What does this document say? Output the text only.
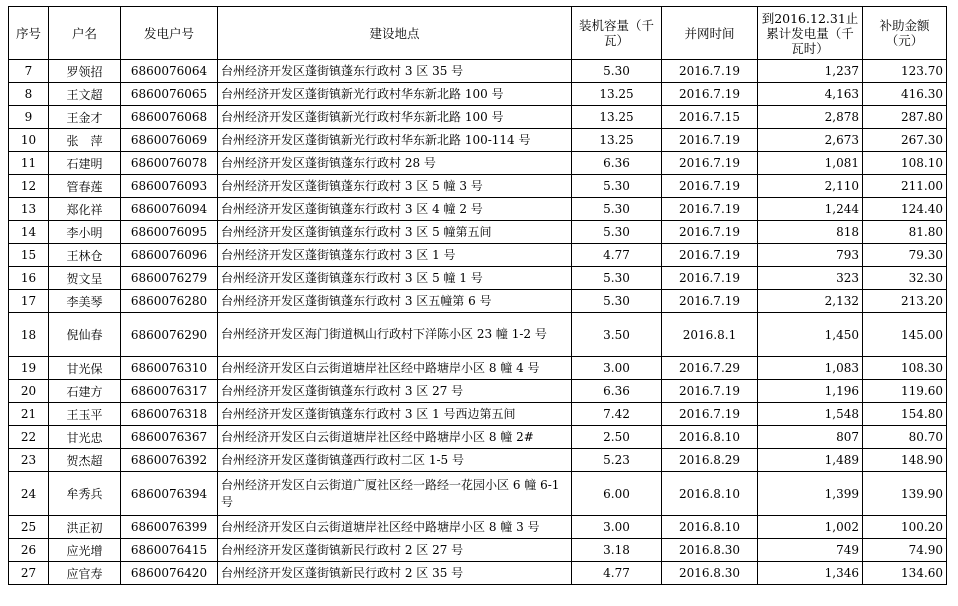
序号	户名	发电户号	建设地点	装机容量（千瓦）	并网时间	到2016.12.31止累计发电量（千瓦时）	补助金额（元）
7	罗领招	6860076064	台州经济开发区蓬街镇蓬东行政村 3 区 35 号	5.30	2016.7.19	1,237	123.70
8	王文超	6860076065	台州经济开发区蓬街镇新光行政村华东新北路 100 号	13.25	2016.7.19	4,163	416.30
9	王金才	6860076068	台州经济开发区蓬街镇新光行政村华东新北路 100 号	13.25	2016.7.15	2,878	287.80
10	张　萍	6860076069	台州经济开发区蓬街镇新光行政村华东新北路 100-114 号	13.25	2016.7.19	2,673	267.30
11	石建明	6860076078	台州经济开发区蓬街镇蓬东行政村 28 号	6.36	2016.7.19	1,081	108.10
12	管春莲	6860076093	台州经济开发区蓬街镇蓬东行政村 3 区 5 幢 3 号	5.30	2016.7.19	2,110	211.00
13	郑化祥	6860076094	台州经济开发区蓬街镇蓬东行政村 3 区 4 幢 2 号	5.30	2016.7.19	1,244	124.40
14	李小明	6860076095	台州经济开发区蓬街镇蓬东行政村 3 区 5 幢第五间	5.30	2016.7.19	818	81.80
15	王林仓	6860076096	台州经济开发区蓬街镇蓬东行政村 3 区 1 号	4.77	2016.7.19	793	79.30
16	贺文呈	6860076279	台州经济开发区蓬街镇蓬东行政村 3 区 5 幢 1 号	5.30	2016.7.19	323	32.30
17	李美琴	6860076280	台州经济开发区蓬街镇蓬东行政村 3 区五幢第 6 号	5.30	2016.7.19	2,132	213.20
18	倪仙春	6860076290	台州经济开发区海门街道枫山行政村下洋陈小区 23 幢 1-2 号	3.50	2016.8.1	1,450	145.00
19	甘光保	6860076310	台州经济开发区白云街道塘岸社区经中路塘岸小区 8 幢 4 号	3.00	2016.7.29	1,083	108.30
20	石建方	6860076317	台州经济开发区蓬街镇蓬东行政村 3 区 27 号	6.36	2016.7.19	1,196	119.60
21	王玉平	6860076318	台州经济开发区蓬街镇蓬东行政村 3 区 1 号西边第五间	7.42	2016.7.19	1,548	154.80
22	甘光忠	6860076367	台州经济开发区白云街道塘岸社区经中路塘岸小区 8 幢 2#	2.50	2016.8.10	807	80.70
23	贺杰超	6860076392	台州经济开发区蓬街镇蓬西行政村二区 1-5 号	5.23	2016.8.29	1,489	148.90
24	牟秀兵	6860076394	台州经济开发区白云街道广厦社区经一路经一花园小区 6 幢 6-1 号	6.00	2016.8.10	1,399	139.90
25	洪正初	6860076399	台州经济开发区白云街道塘岸社区经中路塘岸小区 8 幢 3 号	3.00	2016.8.10	1,002	100.20
26	应光增	6860076415	台州经济开发区蓬街镇新民行政村 2 区 27 号	3.18	2016.8.30	749	74.90
27	应官寿	6860076420	台州经济开发区蓬街镇新民行政村 2 区 35 号	4.77	2016.8.30	1,346	134.60
